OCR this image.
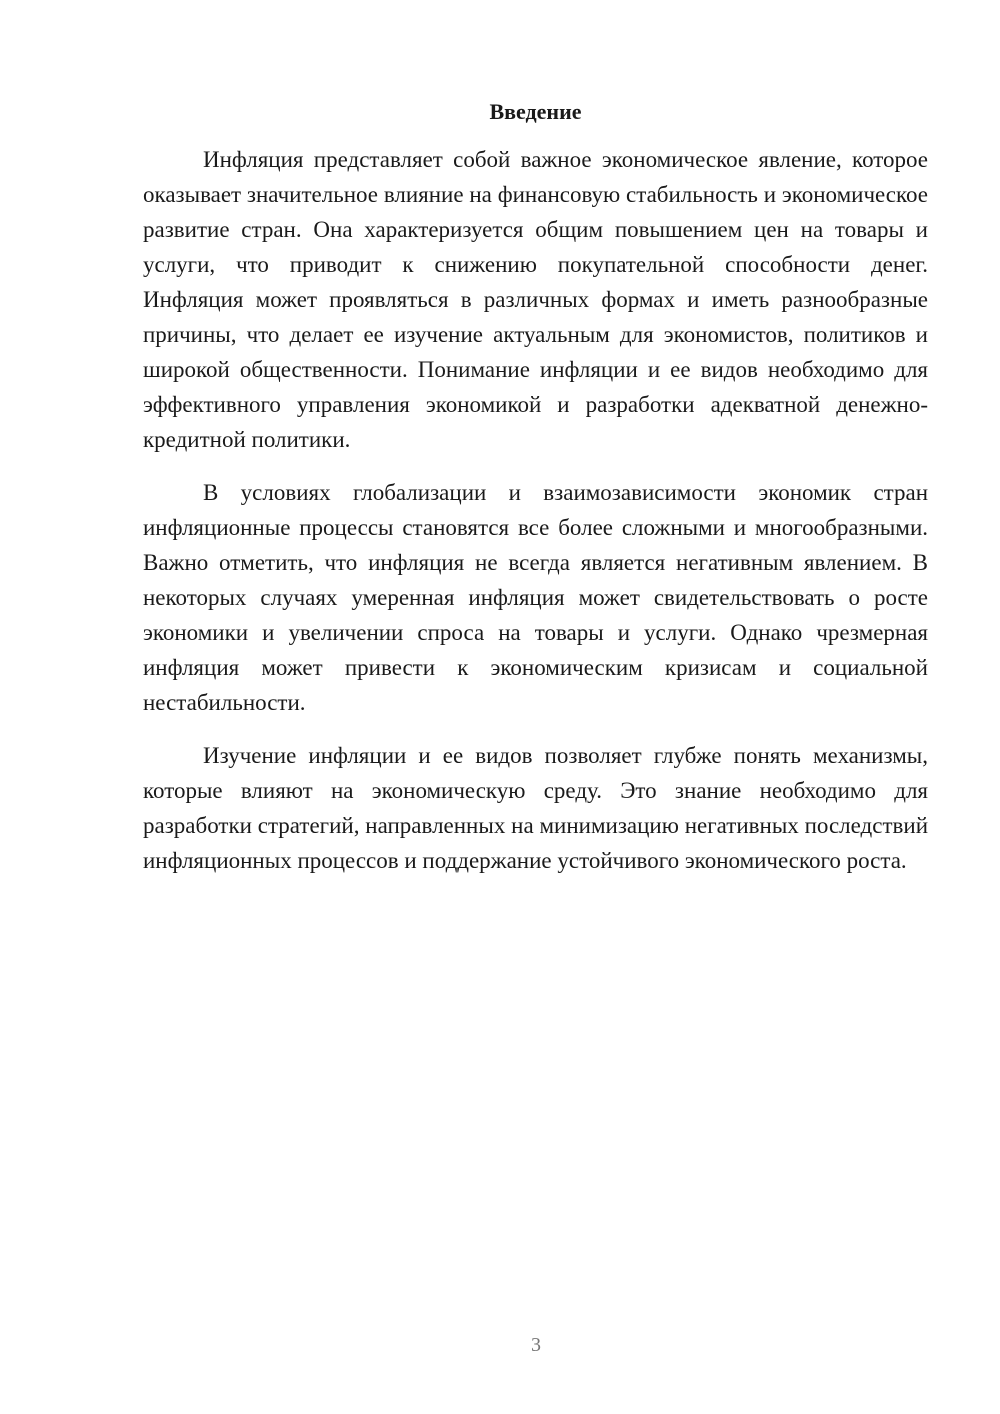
Введение

Инфляция представляет собой важное экономическое явление, которое оказывает значительное влияние на финансовую стабильность и экономическое развитие стран. Она характеризуется общим повышением цен на товары и услуги, что приводит к снижению покупательной способности денег. Инфляция может проявляться в различных формах и иметь разнообразные причины, что делает ее изучение актуальным для экономистов, политиков и широкой общественности. Понимание инфляции и ее видов необходимо для эффективного управления экономикой и разработки адекватной денежно-кредитной политики.

В условиях глобализации и взаимозависимости экономик стран инфляционные процессы становятся все более сложными и многообразными. Важно отметить, что инфляция не всегда является негативным явлением. В некоторых случаях умеренная инфляция может свидетельствовать о росте экономики и увеличении спроса на товары и услуги. Однако чрезмерная инфляция может привести к экономическим кризисам и социальной нестабильности.

Изучение инфляции и ее видов позволяет глубже понять механизмы, которые влияют на экономическую среду. Это знание необходимо для разработки стратегий, направленных на минимизацию негативных последствий инфляционных процессов и поддержание устойчивого экономического роста.

3
